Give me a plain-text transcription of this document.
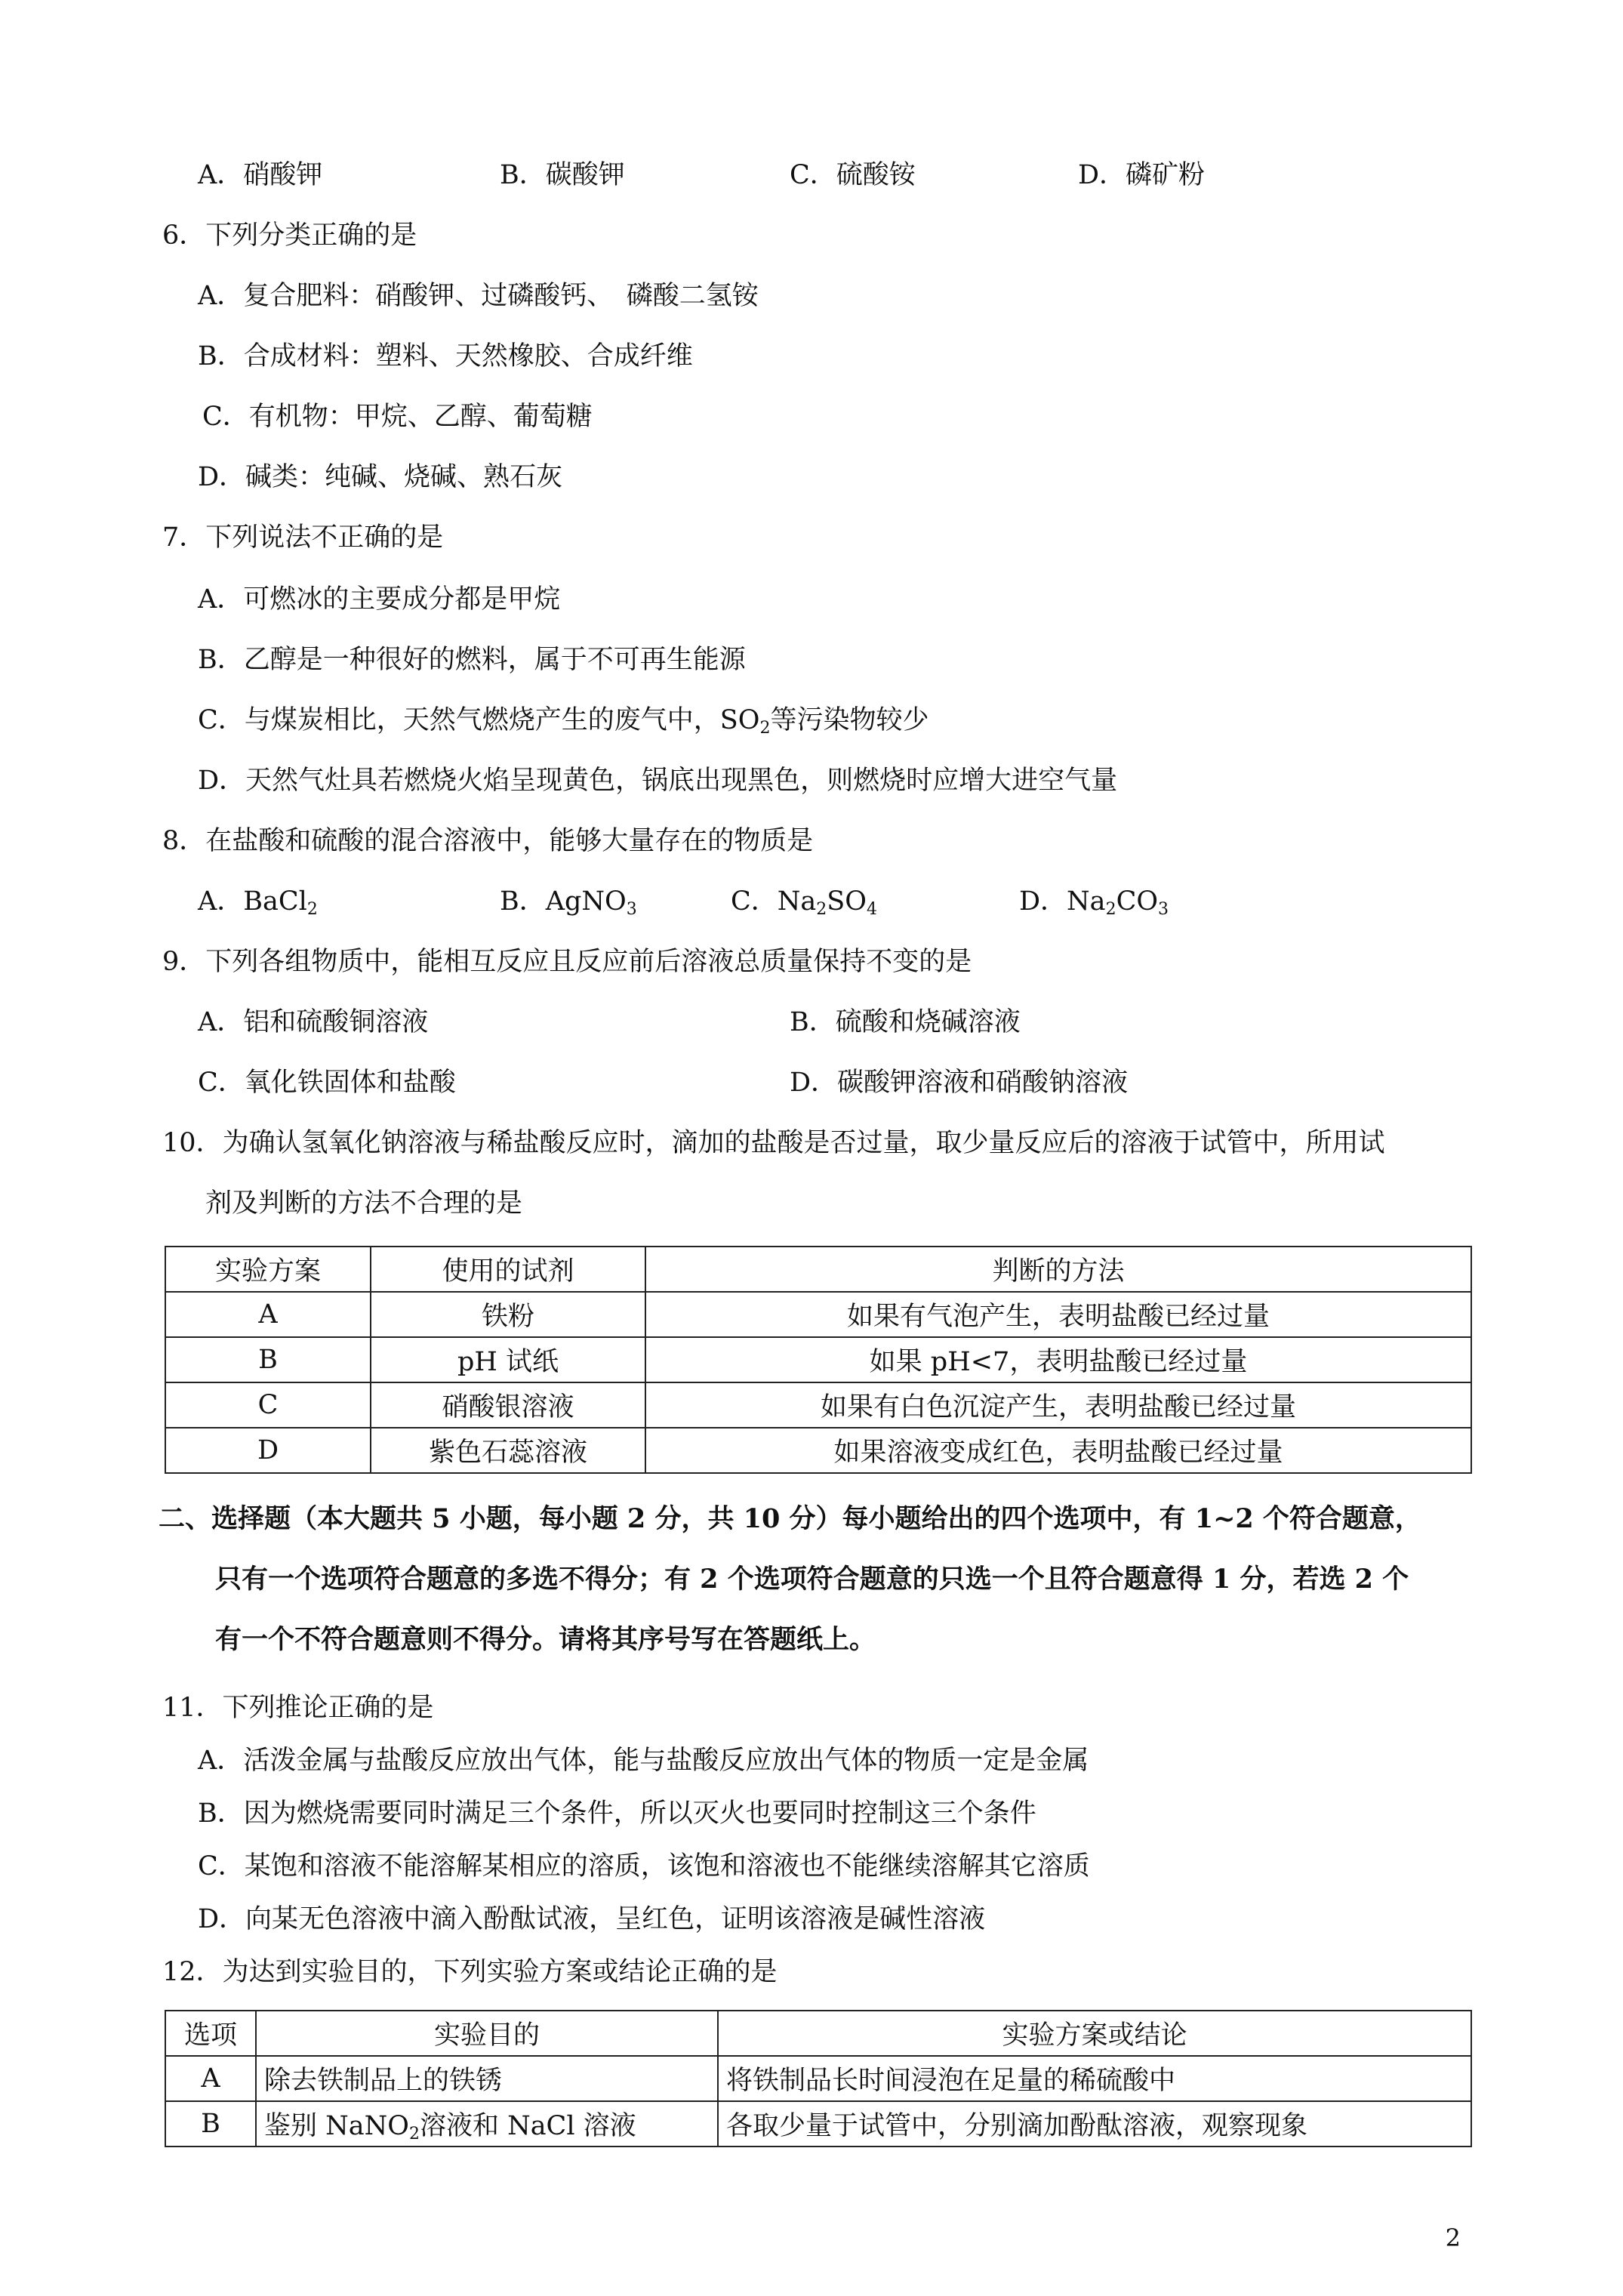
A．硝酸钾	B．碳酸钾	C．硫酸铵	D．磷矿粉
6．下列分类正确的是
A．复合肥料：硝酸钾、过磷酸钙、　磷酸二氢铵
B．合成材料：塑料、天然橡胶、合成纤维
C．有机物：甲烷、乙醇、葡萄糖
D．碱类：纯碱、烧碱、熟石灰
7．下列说法不正确的是
A．可燃冰的主要成分都是甲烷
B．乙醇是一种很好的燃料，属于不可再生能源
C．与煤炭相比，天然气燃烧产生的废气中，$SO_2$等污染物较少
D．天然气灶具若燃烧火焰呈现黄色，锅底出现黑色，则燃烧时应增大进空气量
8．在盐酸和硫酸的混合溶液中，能够大量存在的物质是
A．BaCl$_2$	B．AgNO$_3$	C．$Na_2SO_4$	D．$Na_2CO_3$
9．下列各组物质中，能相互反应且反应前后溶液总质量保持不变的是
A．铝和硫酸铜溶液	B．硫酸和烧碱溶液
C．氧化铁固体和盐酸	D．碳酸钾溶液和硝酸钠溶液
10．为确认氢氧化钠溶液与稀盐酸反应时，滴加的盐酸是否过量，取少量反应后的溶液于试管中，所用试
剂及判断的方法不合理的是
实验方案	使用的试剂	判断的方法
A	铁粉	如果有气泡产生，表明盐酸已经过量
B	pH 试纸	如果 pH<7，表明盐酸已经过量
C	硝酸银溶液	如果有白色沉淀产生，表明盐酸已经过量
D	紫色石蕊溶液	如果溶液变成红色，表明盐酸已经过量
二、选择题（本大题共 5 小题，每小题 2 分，共 10 分）每小题给出的四个选项中，有 1~2 个符合题意，
只有一个选项符合题意的多选不得分；有 2 个选项符合题意的只选一个且符合题意得 1 分，若选 2 个
有一个不符合题意则不得分。请将其序号写在答题纸上。
11．下列推论正确的是
A．活泼金属与盐酸反应放出气体，能与盐酸反应放出气体的物质一定是金属
B．因为燃烧需要同时满足三个条件，所以灭火也要同时控制这三个条件
C．某饱和溶液不能溶解某相应的溶质，该饱和溶液也不能继续溶解其它溶质
D．向某无色溶液中滴入酚酞试液，呈红色，证明该溶液是碱性溶液
12．为达到实验目的，下列实验方案或结论正确的是
选项	实验目的	实验方案或结论
A	除去铁制品上的铁锈	将铁制品长时间浸泡在足量的稀硫酸中
B	鉴别 NaNO$_2$溶液和 NaCl 溶液	各取少量于试管中，分别滴加酚酞溶液，观察现象
2
